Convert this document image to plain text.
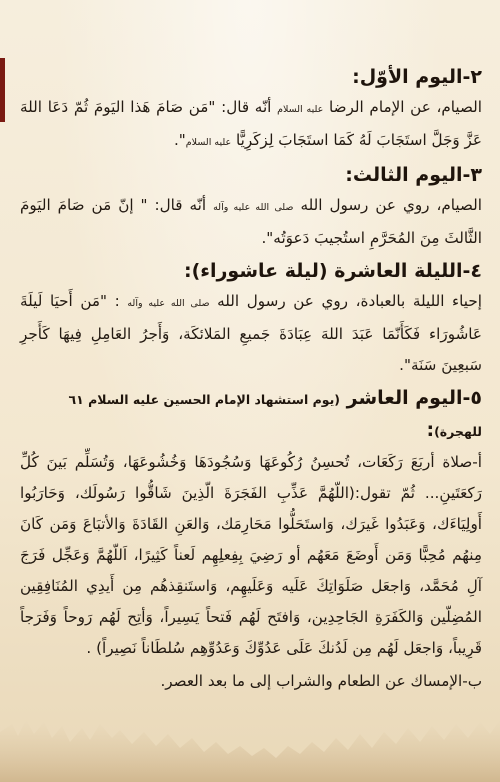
٢-اليوم الأوّل:

الصيام، عن الإمام الرضا عليه السلام أنّه قال: "مَن صَامَ هَذا اليَومَ ثُمّ دَعَا اللهَ عَزَّ وَجَلَّ استَجَابَ لَهُ كَمَا استَجَابَ لِزكَرِيًّا عليه السلام".

٣-اليوم الثالث:

الصيام، روي عن رسول الله صلى الله عليه وآله أنّه قال: " إنّ مَن صَامَ اليَومَ الثَّالثَ مِنَ المُحَرَّمِ استُجيبَ دَعوَتُه".

٤-الليلة العاشرة (ليلة عاشوراء):

إحياء الليلة بالعبادة، روي عن رسول الله صلى الله عليه وآله : "مَن أَحيَا لَيلَةَ عَاشُورَاء فَكَأَنّمَا عَبَدَ اللهَ عِبَادَةَ جَميعِ المَلائكَة، وَأَجرُ العَامِلِ فِيهَا كَأَجرِ سَبعِينَ سَنَة".

٥-اليوم العاشر (يوم استشهاد الإمام الحسين عليه السلام ٦١ للهجرة):

أ-صلاة أربَعَ رَكَعَات، تُحسِنُ رُكُوعَهَا وَسُجُودَهَا وَخُشُوعَهَا، وَتُسَلِّم بَينَ كُلِّ رَكعَتَينِ... ثُمّ تقول:(اللّهُمَّ عَذِّبِ الفَجَرَةَ الّذِينَ شَاقُّوا رَسُولَك، وَحَارَبُوا أَولِيَاءَك، وَعَبَدُوا غَيرَك، وَاستَحَلُّوا مَحَارِمَك، وَالعَنِ القَادَةَ وَالأتبَاعَ وَمَن كَانَ مِنهُم مُحِبًّا وَمَن أَوضَعَ مَعَهُم أو رَضِيَ بِفِعلِهِم لَعناً كَثِيرًا، اَللّهُمَّ وَعَجِّل فَرَجَ آلِ مُحَمَّد، وَاجعَل صَلَوَاتِكَ عَلَيه وَعَلَيهِم، وَاستَنقِذهُم مِن أَيدِي المُنَافِقِين المُضِلّين وَالكَفَرَةِ الجَاحِدِين، وَافتَح لَهُم فَتحاً يَسِيراً، وَأتِح لَهُم رَوحاً وَفَرَجاً قَرِيباً، وَاجعَل لَهُم مِن لَدُنكَ عَلَى عَدُوِّكَ وَعَدُوِّهِم سُلطَاناً نَصِيراً) .

ب-الإمساك عن الطعام والشراب إلى ما بعد العصر.
